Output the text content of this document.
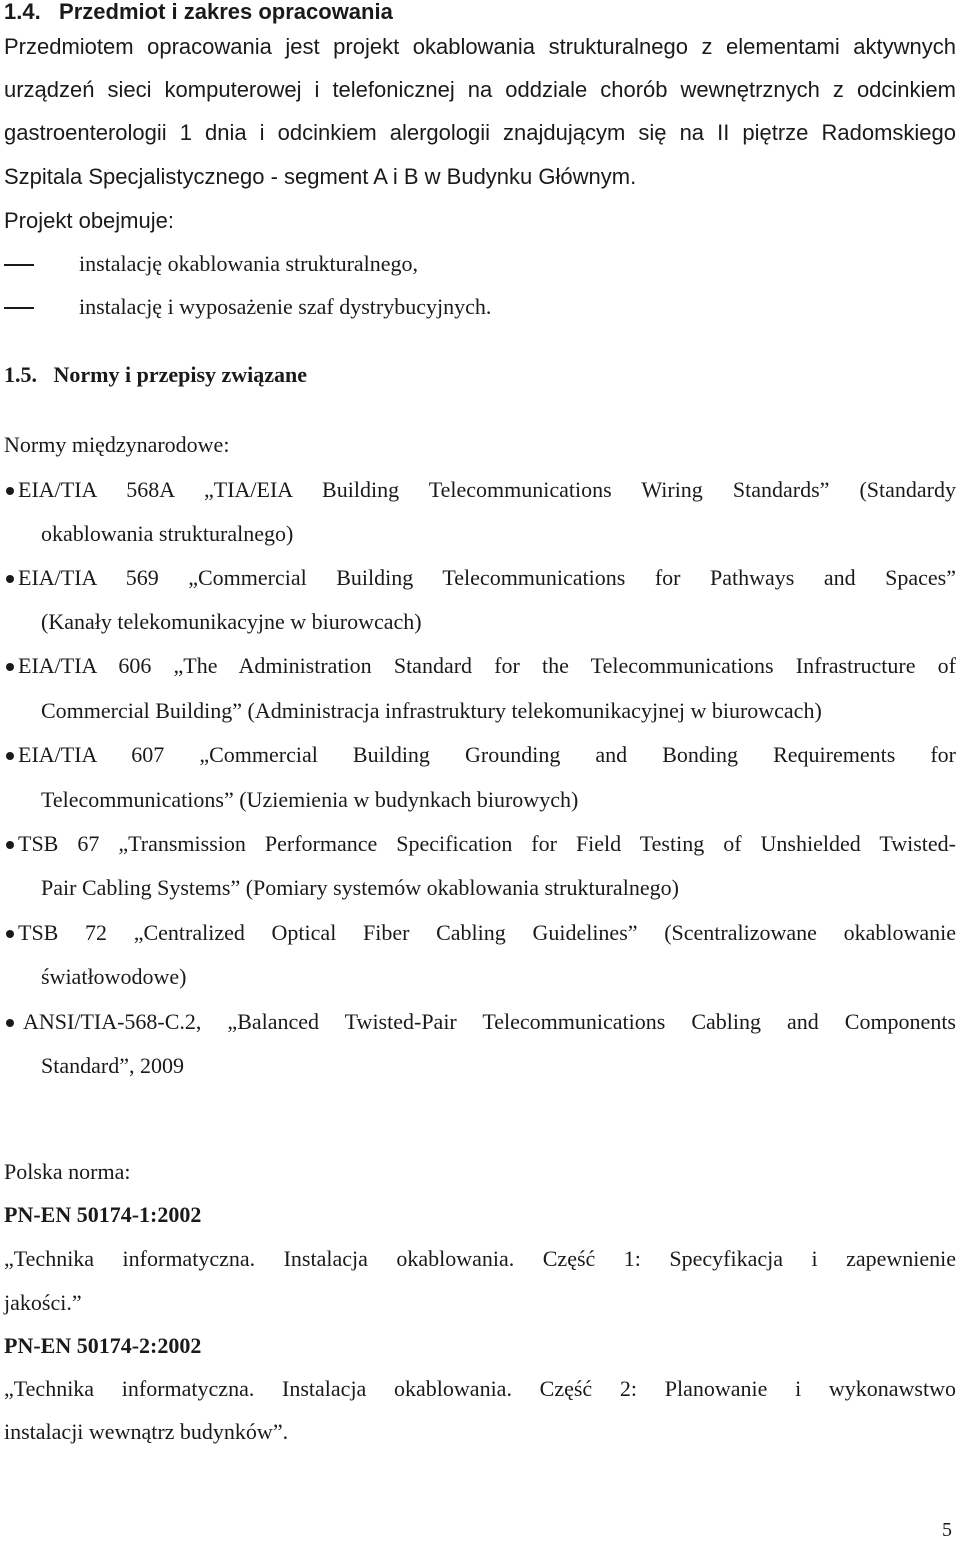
1.4. Przedmiot i zakres opracowania
Przedmiotem opracowania jest projekt okablowania strukturalnego z elementami aktywnych
urządzeń sieci komputerowej i telefonicznej na oddziale chorób wewnętrznych z odcinkiem
gastroenterologii 1 dnia i odcinkiem alergologii znajdującym się na II piętrze Radomskiego
Szpitala Specjalistycznego - segment A i B w Budynku Głównym.
Projekt obejmuje:
instalację okablowania strukturalnego,
instalację i wyposażenie szaf dystrybucyjnych.
1.5. Normy i przepisy związane
Normy międzynarodowe:
EIA/TIA 568A „TIA/EIA Building Telecommunications Wiring Standards” (Standardy
okablowania strukturalnego)
EIA/TIA 569 „Commercial Building Telecommunications for Pathways and Spaces”
(Kanały telekomunikacyjne w biurowcach)
EIA/TIA 606 „The Administration Standard for the Telecommunications Infrastructure of
Commercial Building” (Administracja infrastruktury telekomunikacyjnej w biurowcach)
EIA/TIA 607 „Commercial Building Grounding and Bonding Requirements for
Telecommunications” (Uziemienia w budynkach biurowych)
TSB 67 „Transmission Performance Specification for Field Testing of Unshielded Twisted-
Pair Cabling Systems” (Pomiary systemów okablowania strukturalnego)
TSB 72 „Centralized Optical Fiber Cabling Guidelines” (Scentralizowane okablowanie
światłowodowe)
ANSI/TIA-568-C.2, „Balanced Twisted-Pair Telecommunications Cabling and Components
Standard”, 2009
Polska norma:
PN-EN 50174-1:2002
„Technika informatyczna. Instalacja okablowania. Część 1: Specyfikacja i zapewnienie
jakości.”
PN-EN 50174-2:2002
„Technika informatyczna. Instalacja okablowania. Część 2: Planowanie i wykonawstwo
instalacji wewnątrz budynków”.
5
